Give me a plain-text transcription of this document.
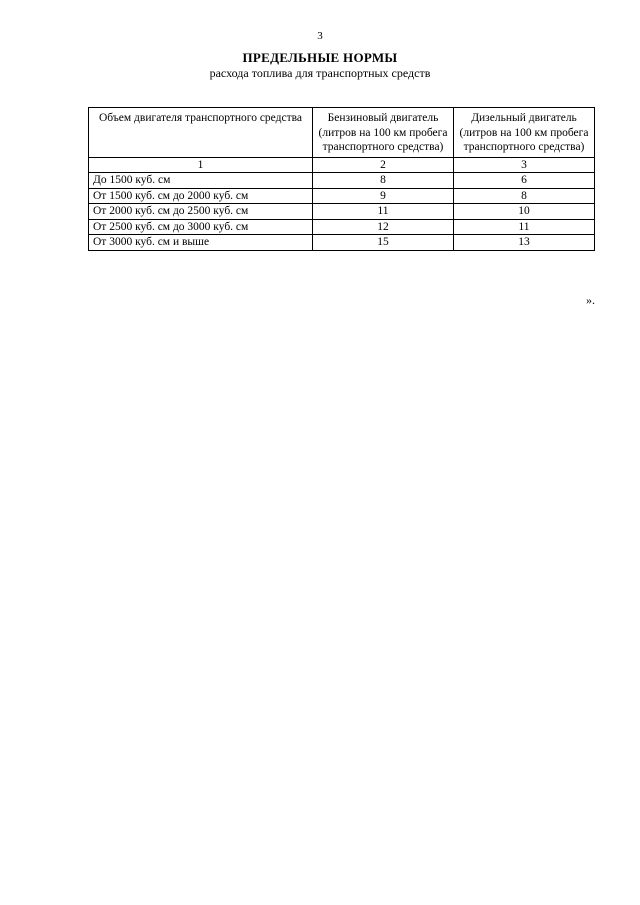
3
ПРЕДЕЛЬНЫЕ НОРМЫ
расхода топлива для транспортных средств
Объем двигателя транспортного средства	Бензиновый двигатель (литров на 100 км пробега транспортного средства)	Дизельный двигатель (литров на 100 км пробега транспортного средства)
1	2	3
До 1500 куб. см	8	6
От 1500 куб. см до 2000 куб. см	9	8
От 2000 куб. см до 2500 куб. см	11	10
От 2500 куб. см до 3000 куб. см	12	11
От 3000 куб. см и выше	15	13
».
